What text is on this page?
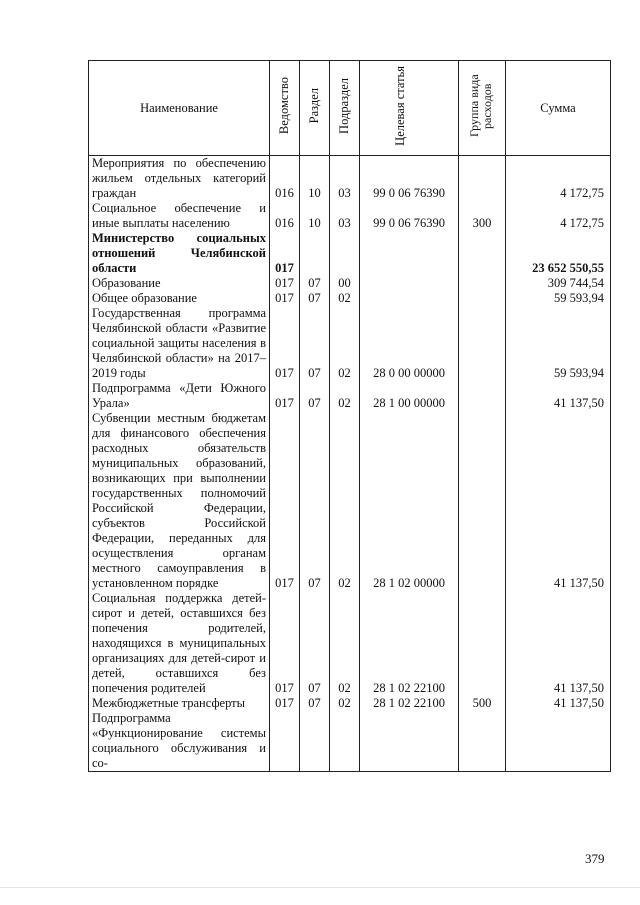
Наименование	Ведомство	Раздел	Подраздел	Целевая статья	Группа вида расходов	Сумма
Мероприятия по обеспечению жильем отдельных категорий граждан	016	10	03	99 0 06 76390		4 172,75
Социальное обеспечение и иные выплаты населению	016	10	03	99 0 06 76390	300	4 172,75
Министерство социальных отношений Челябинской области	017					23 652 550,55
Образование	017	07	00			309 744,54
Общее образование	017	07	02			59 593,94
Государственная программа Челябинской области «Развитие социальной защиты населения в Челябинской области» на 2017–2019 годы	017	07	02	28 0 00 00000		59 593,94
Подпрограмма «Дети Южного Урала»	017	07	02	28 1 00 00000		41 137,50
Субвенции местным бюджетам для финансового обеспечения расходных обязательств муниципальных образований, возникающих при выполнении государственных полномочий Российской Федерации, субъектов Российской Федерации, переданных для осуществления органам местного самоуправления в установленном порядке	017	07	02	28 1 02 00000		41 137,50
Социальная поддержка детей-сирот и детей, оставшихся без попечения родителей, находящихся в муниципальных организациях для детей-сирот и детей, оставшихся без попечения родителей	017	07	02	28 1 02 22100		41 137,50
Межбюджетные трансферты	017	07	02	28 1 02 22100	500	41 137,50
Подпрограмма «Функционирование системы социального обслуживания и со-						
379
